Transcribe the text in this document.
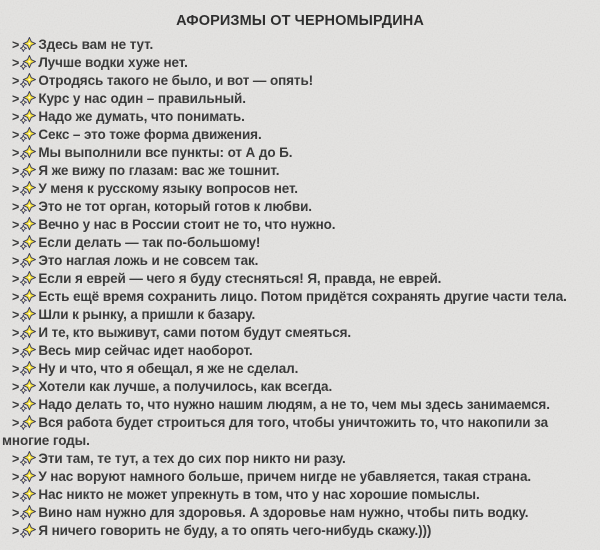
АФОРИЗМЫ ОТ ЧЕРНОМЫРДИНА
> Здесь вам не тут.
> Лучше водки хуже нет.
> Отродясь такого не было, и вот — опять!
> Курс у нас один – правильный.
> Надо же думать, что понимать.
> Секс – это тоже форма движения.
> Мы выполнили все пункты: от А до Б.
> Я же вижу по глазам: вас же тошнит.
> У меня к русскому языку вопросов нет.
> Это не тот орган, который готов к любви.
> Вечно у нас в России стоит не то, что нужно.
> Если делать — так по-большому!
> Это наглая ложь и не совсем так.
> Если я еврей — чего я буду стесняться! Я, правда, не еврей.
> Есть ещё время сохранить лицо. Потом придётся сохранять другие части тела.
> Шли к рынку, а пришли к базару.
> И те, кто выживут, сами потом будут смеяться.
> Весь мир сейчас идет наоборот.
> Ну и что, что я обещал, я же не сделал.
> Хотели как лучше, а получилось, как всегда.
> Надо делать то, что нужно нашим людям, а не то, чем мы здесь занимаемся.
> Вся работа будет строиться для того, чтобы уничтожить то, что накопили за многие годы.
> Эти там, те тут, а тех до сих пор никто ни разу.
> У нас воруют намного больше, причем нигде не убавляется, такая страна.
> Нас никто не может упрекнуть в том, что у нас хорошие помыслы.
> Вино нам нужно для здоровья. А здоровье нам нужно, чтобы пить водку.
> Я ничего говорить не буду, а то опять чего-нибудь скажу.)))
